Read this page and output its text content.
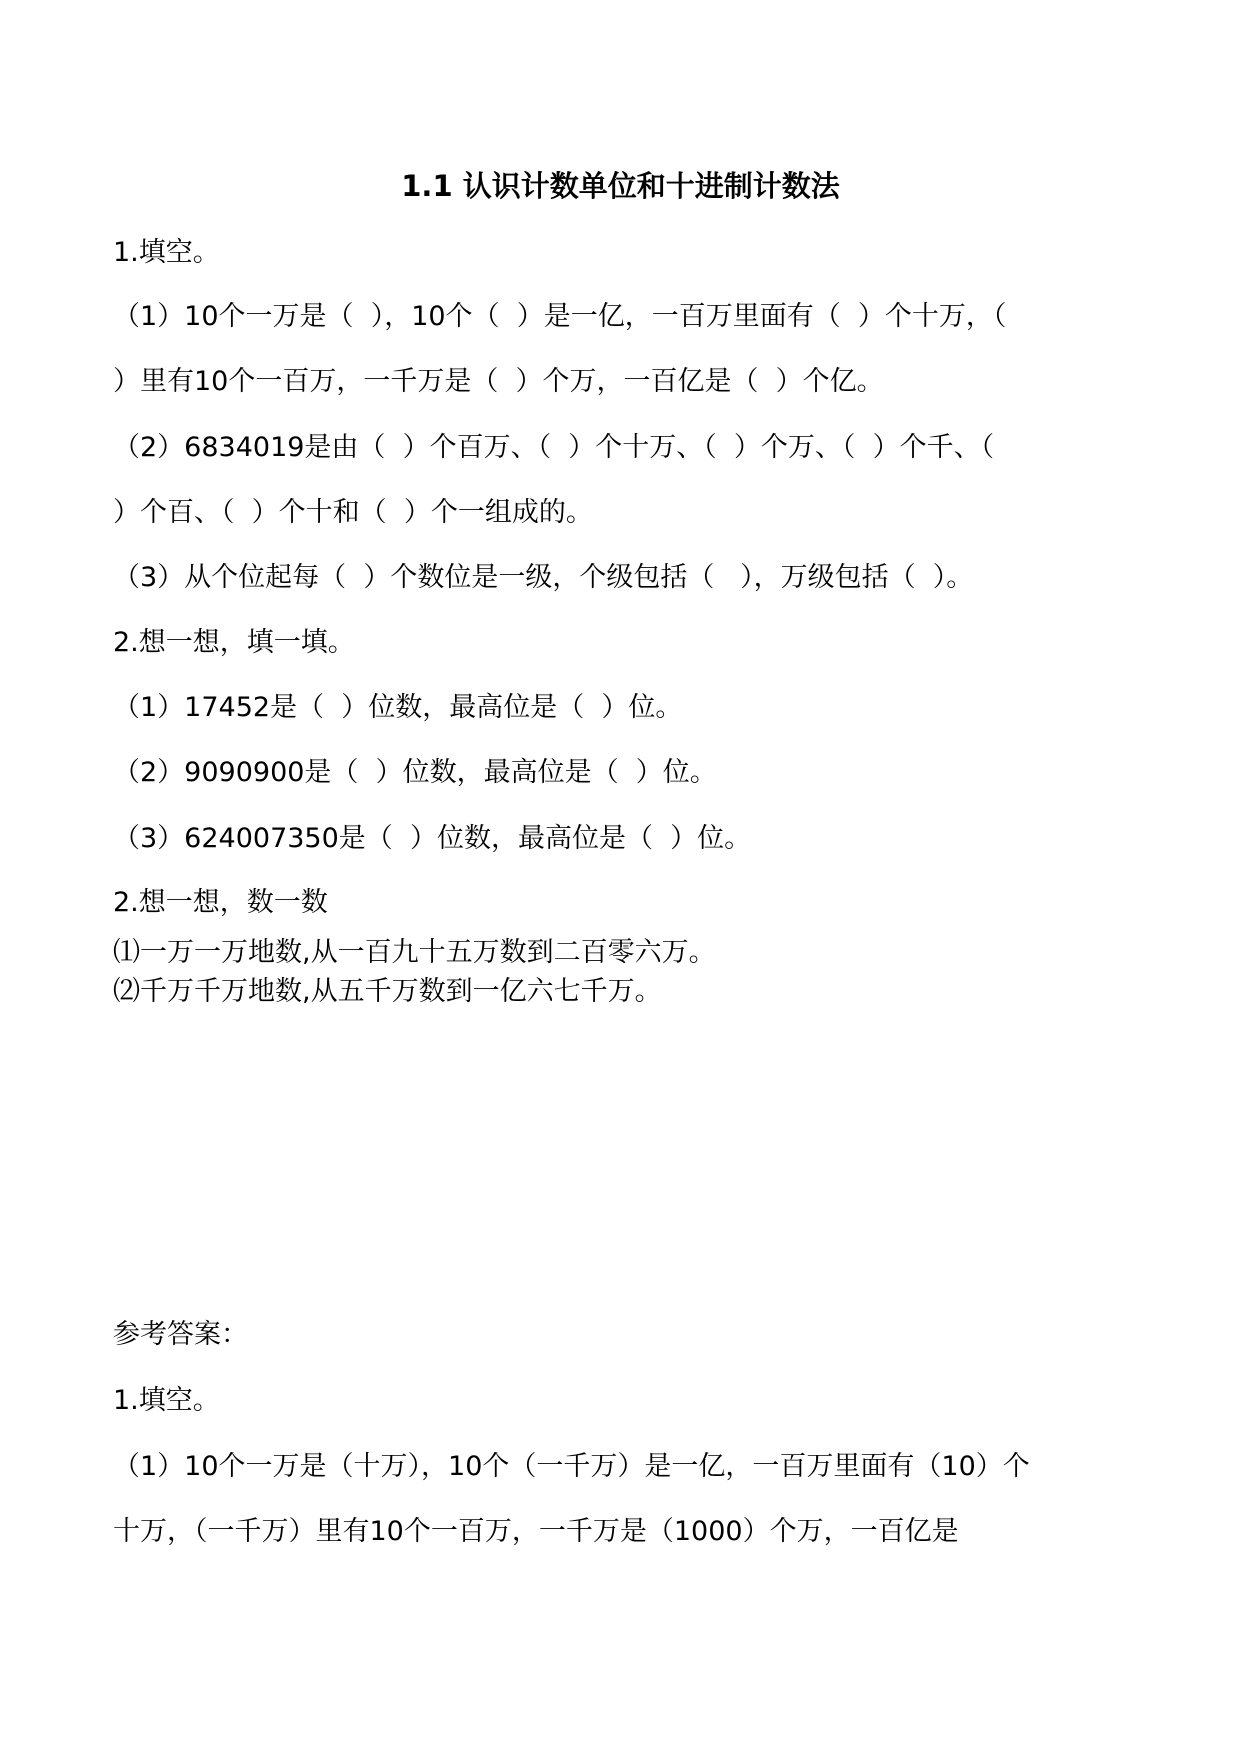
1.1 认识计数单位和十进制计数法
1.填空。
（1）10个一万是（  ），10个（  ）是一亿，一百万里面有（  ）个十万，（
）里有10个一百万，一千万是（  ）个万，一百亿是（  ）个亿。
（2）6834019是由（  ）个百万、（  ）个十万、（  ）个万、（  ）个千、（
）个百、（  ）个十和（  ）个一组成的。
（3）从个位起每（  ）个数位是一级，个级包括（   ），万级包括（  ）。
2.想一想，填一填。
（1）17452是（  ）位数，最高位是（  ）位。
（2）9090900是（  ）位数，最高位是（  ）位。
（3）624007350是（  ）位数，最高位是（  ）位。
2.想一想，数一数
⑴一万一万地数,从一百九十五万数到二百零六万。
⑵千万千万地数,从五千万数到一亿六七千万。
参考答案：
1.填空。
（1）10个一万是（十万），10个（一千万）是一亿，一百万里面有（10）个
十万，（一千万）里有10个一百万，一千万是（1000）个万，一百亿是
